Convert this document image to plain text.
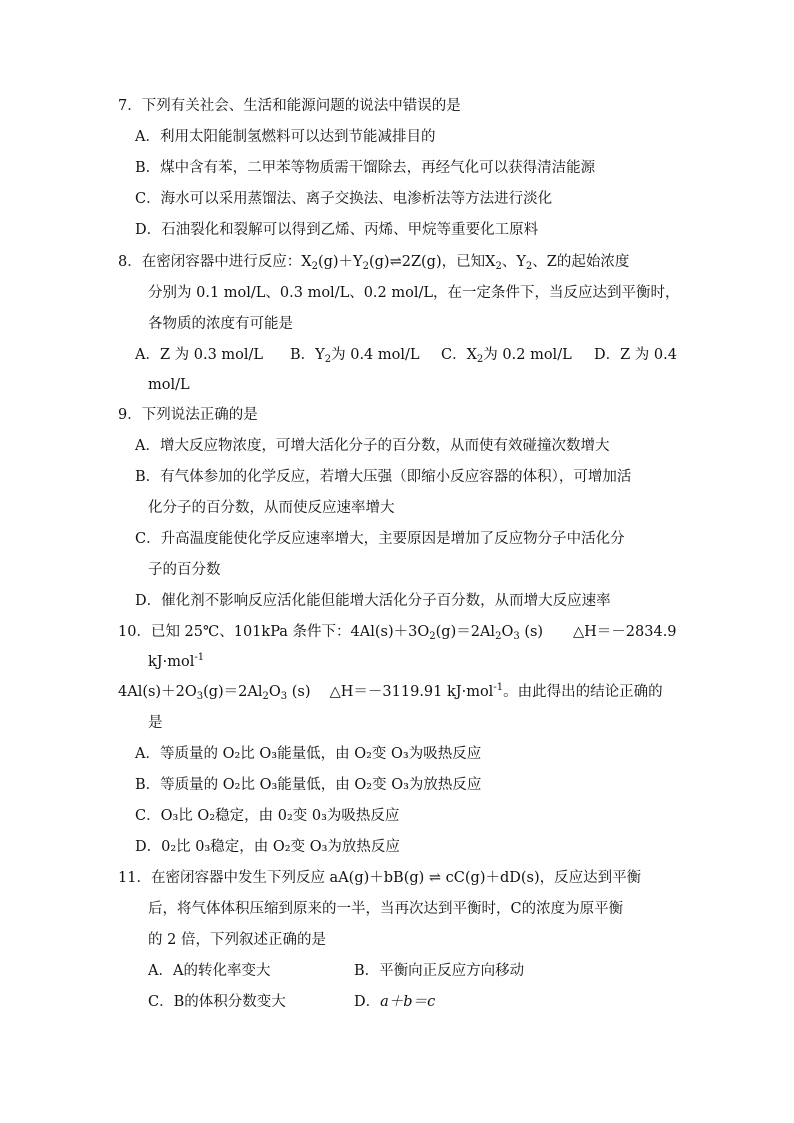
7．下列有关社会、生活和能源问题的说法中错误的是
A．利用太阳能制氢燃料可以达到节能减排目的
B．煤中含有苯，二甲苯等物质需干馏除去，再经气化可以获得清洁能源
C．海水可以采用蒸馏法、离子交换法、电渗析法等方法进行淡化
D．石油裂化和裂解可以得到乙烯、丙烯、甲烷等重要化工原料
8．在密闭容器中进行反应：$X_2(g)+Y_2(g)\rightleftharpoons 2Z(g)$，已知$X_2$、$Y_2$、Z的起始浓度
分别为 0.1 mol/L、0.3 mol/L、0.2 mol/L，在一定条件下，当反应达到平衡时，
各物质的浓度有可能是
A．Z 为 0.3 mol/L B．$Y_2$为 0.4 mol/L C．$X_2$为 0.2 mol/L D．Z 为 0.4
mol/L
9．下列说法正确的是
A．增大反应物浓度，可增大活化分子的百分数，从而使有效碰撞次数增大
B．有气体参加的化学反应，若增大压强（即缩小反应容器的体积），可增加活
化分子的百分数，从而使反应速率增大
C．升高温度能使化学反应速率增大，主要原因是增加了反应物分子中活化分
子的百分数
D．催化剂不影响反应活化能但能增大活化分子百分数，从而增大反应速率
10．已知 25℃、101kPa 条件下：$4Al(s)+3O_2(g)=2Al_2O_3$ (s) △H＝－2834.9
kJ·mol$^{-1}$
$4Al(s)+2O_3(g)=2Al_2O_3$ (s)　 △H＝－3119.91 kJ·mol$^{-1}$。由此得出的结论正确的
是
A．等质量的 O₂比 O₃能量低，由 O₂变 O₃为吸热反应
B．等质量的 O₂比 O₃能量低，由 O₂变 O₃为放热反应
C．O₃比 O₂稳定，由 0₂变 0₃为吸热反应
D．0₂比 0₃稳定，由 O₂变 O₃为放热反应
11．在密闭容器中发生下列反应 aA(g)＋bB(g) ⇌ cC(g)＋dD(s)，反应达到平衡
后，将气体体积压缩到原来的一半，当再次达到平衡时，C的浓度为原平衡
的 2 倍，下列叙述正确的是
A．A的转化率变大	B．平衡向正反应方向移动
C．B的体积分数变大	D．a＋b＝c
